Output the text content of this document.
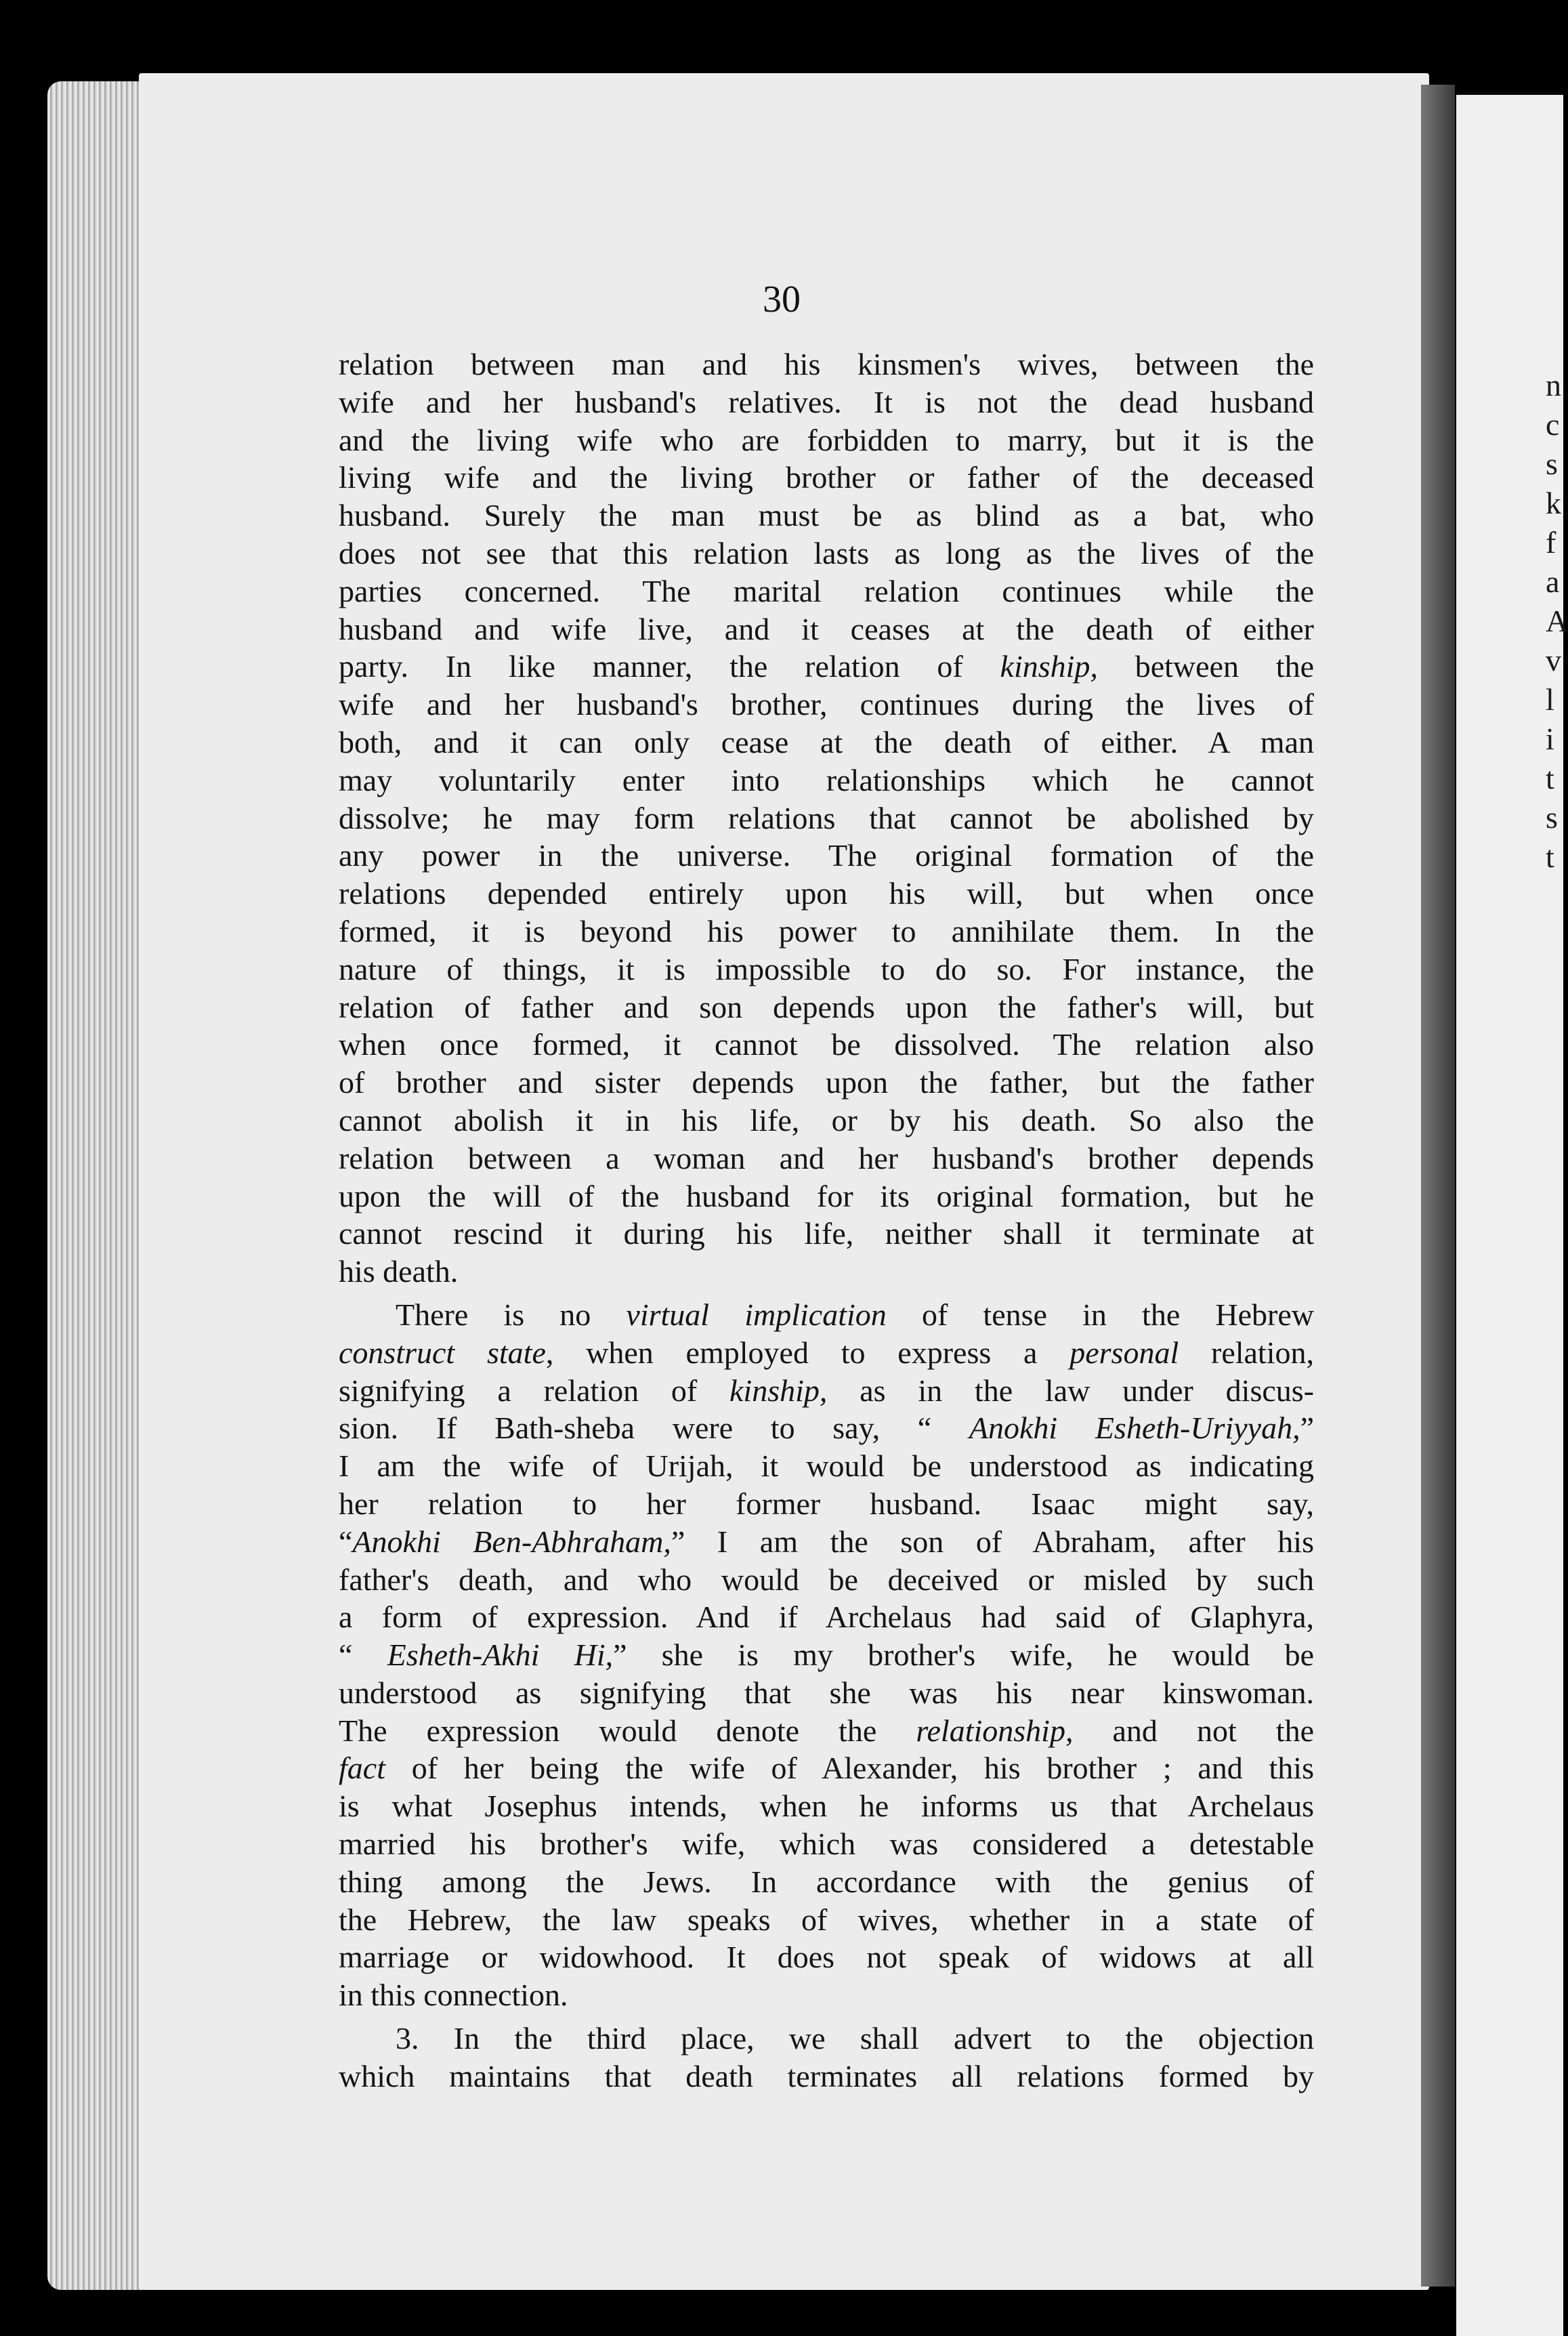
n
c
s
k
f
a
A
v
l
i
t
s
t
30
relation between man and his kinsmen's wives, between the
wife and her husband's relatives. It is not the dead husband
and the living wife who are forbidden to marry, but it is the
living wife and the living brother or father of the deceased
husband. Surely the man must be as blind as a bat, who
does not see that this relation lasts as long as the lives of the
parties concerned. The marital relation continues while the
husband and wife live, and it ceases at the death of either
party. In like manner, the relation of kinship, between the
wife and her husband's brother, continues during the lives of
both, and it can only cease at the death of either. A man
may voluntarily enter into relationships which he cannot
dissolve; he may form relations that cannot be abolished by
any power in the universe. The original formation of the
relations depended entirely upon his will, but when once
formed, it is beyond his power to annihilate them. In the
nature of things, it is impossible to do so. For instance, the
relation of father and son depends upon the father's will, but
when once formed, it cannot be dissolved. The relation also
of brother and sister depends upon the father, but the father
cannot abolish it in his life, or by his death. So also the
relation between a woman and her husband's brother depends
upon the will of the husband for its original formation, but he
cannot rescind it during his life, neither shall it terminate at
his death.
There is no virtual implication of tense in the Hebrew
construct state, when employed to express a personal relation,
signifying a relation of kinship, as in the law under discus-
sion. If Bath-sheba were to say, “ Anokhi Esheth-Uriyyah,”
I am the wife of Urijah, it would be understood as indicating
her relation to her former husband. Isaac might say,
“Anokhi Ben-Abhraham,” I am the son of Abraham, after his
father's death, and who would be deceived or misled by such
a form of expression. And if Archelaus had said of Glaphyra,
“ Esheth-Akhi Hi,” she is my brother's wife, he would be
understood as signifying that she was his near kinswoman.
The expression would denote the relationship, and not the
fact of her being the wife of Alexander, his brother ; and this
is what Josephus intends, when he informs us that Archelaus
married his brother's wife, which was considered a detestable
thing among the Jews. In accordance with the genius of
the Hebrew, the law speaks of wives, whether in a state of
marriage or widowhood. It does not speak of widows at all
in this connection.
3. In the third place, we shall advert to the objection
which maintains that death terminates all relations formed by
